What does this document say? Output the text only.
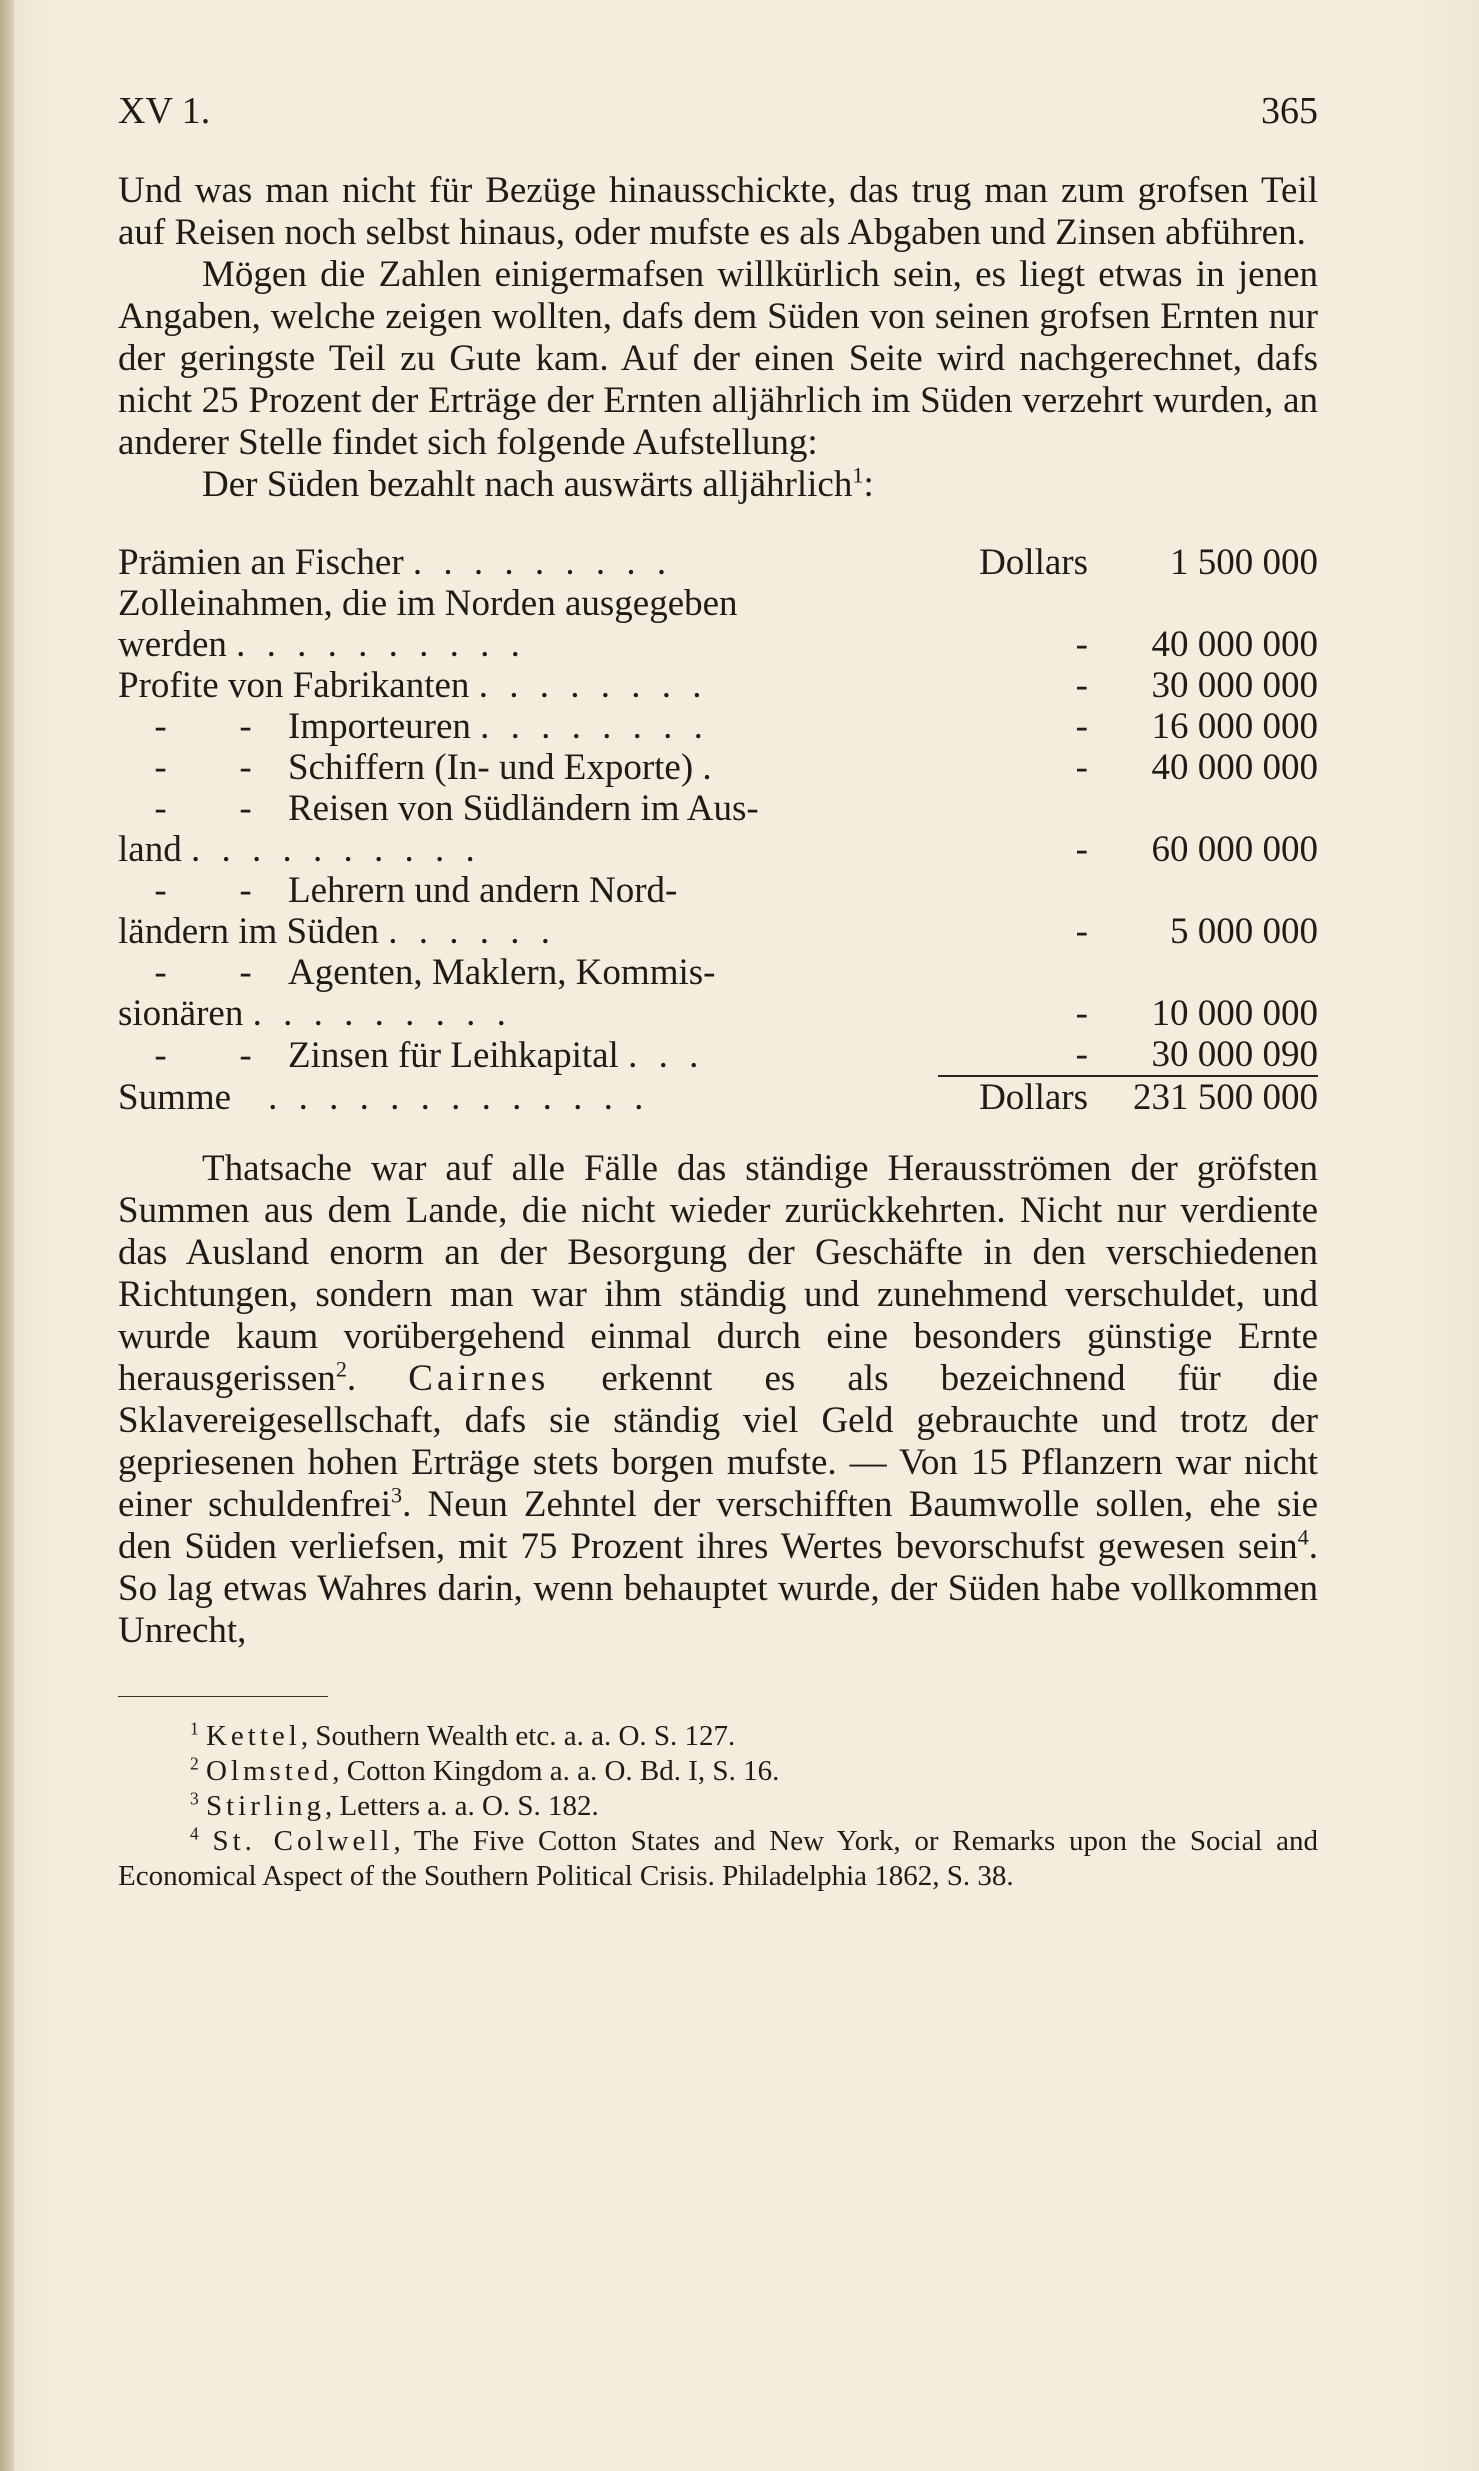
XV 1.	365

Und was man nicht für Bezüge hinausschickte, das trug man zum grofsen Teil auf Reisen noch selbst hinaus, oder mufste es als Abgaben und Zinsen abführen.

Mögen die Zahlen einigermafsen willkürlich sein, es liegt etwas in jenen Angaben, welche zeigen wollten, dafs dem Süden von seinen grofsen Ernten nur der geringste Teil zu Gute kam. Auf der einen Seite wird nachgerechnet, dafs nicht 25 Prozent der Erträge der Ernten alljährlich im Süden verzehrt wurden, an anderer Stelle findet sich folgende Aufstellung:

Der Süden bezahlt nach auswärts alljährlich$^1$:

Prämien an Fischer . . . . . . . . .	Dollars	1 500 000
Zolleinahmen, die im Norden ausgegeben		
werden . . . . . . . . . .	-	40 000 000
Profite von Fabrikanten . . . . . . . .	-	30 000 000

- - Importeuren . . . . . . . .	-	16 000 000

- - Schiffern (In- und Exporte) .	-	40 000 000

- - Reisen von Südländern im Aus-		

land . . . . . . . . . .	-	60 000 000

- - Lehrern und andern Nord-		

ländern im Süden . . . . . .	-	5 000 000

- - Agenten, Maklern, Kommis-		

sionären . . . . . . . . .	-	10 000 000

- - Zinsen für Leihkapital . . .	-	30 000 090
Summe . . . . . . . . . . . . .	Dollars	231 500 000

Thatsache war auf alle Fälle das ständige Herausströmen der gröfsten Summen aus dem Lande, die nicht wieder zurückkehrten. Nicht nur verdiente das Ausland enorm an der Besorgung der Geschäfte in den verschiedenen Richtungen, sondern man war ihm ständig und zunehmend verschuldet, und wurde kaum vorübergehend einmal durch eine besonders günstige Ernte herausgerissen$^2$. Cairnes erkennt es als bezeichnend für die Sklavereigesellschaft, dafs sie ständig viel Geld gebrauchte und trotz der gepriesenen hohen Erträge stets borgen mufste. — Von 15 Pflanzern war nicht einer schuldenfrei$^3$. Neun Zehntel der verschifften Baumwolle sollen, ehe sie den Süden verliefsen, mit 75 Prozent ihres Wertes bevorschufst gewesen sein$^4$. So lag etwas Wahres darin, wenn behauptet wurde, der Süden habe vollkommen Unrecht,

$^1$ Kettel, Southern Wealth etc. a. a. O. S. 127.

$^2$ Olmsted, Cotton Kingdom a. a. O. Bd. I, S. 16.

$^3$ Stirling, Letters a. a. O. S. 182.

$^4$ St. Colwell, The Five Cotton States and New York, or Remarks upon the Social and Economical Aspect of the Southern Political Crisis. Philadelphia 1862, S. 38.
